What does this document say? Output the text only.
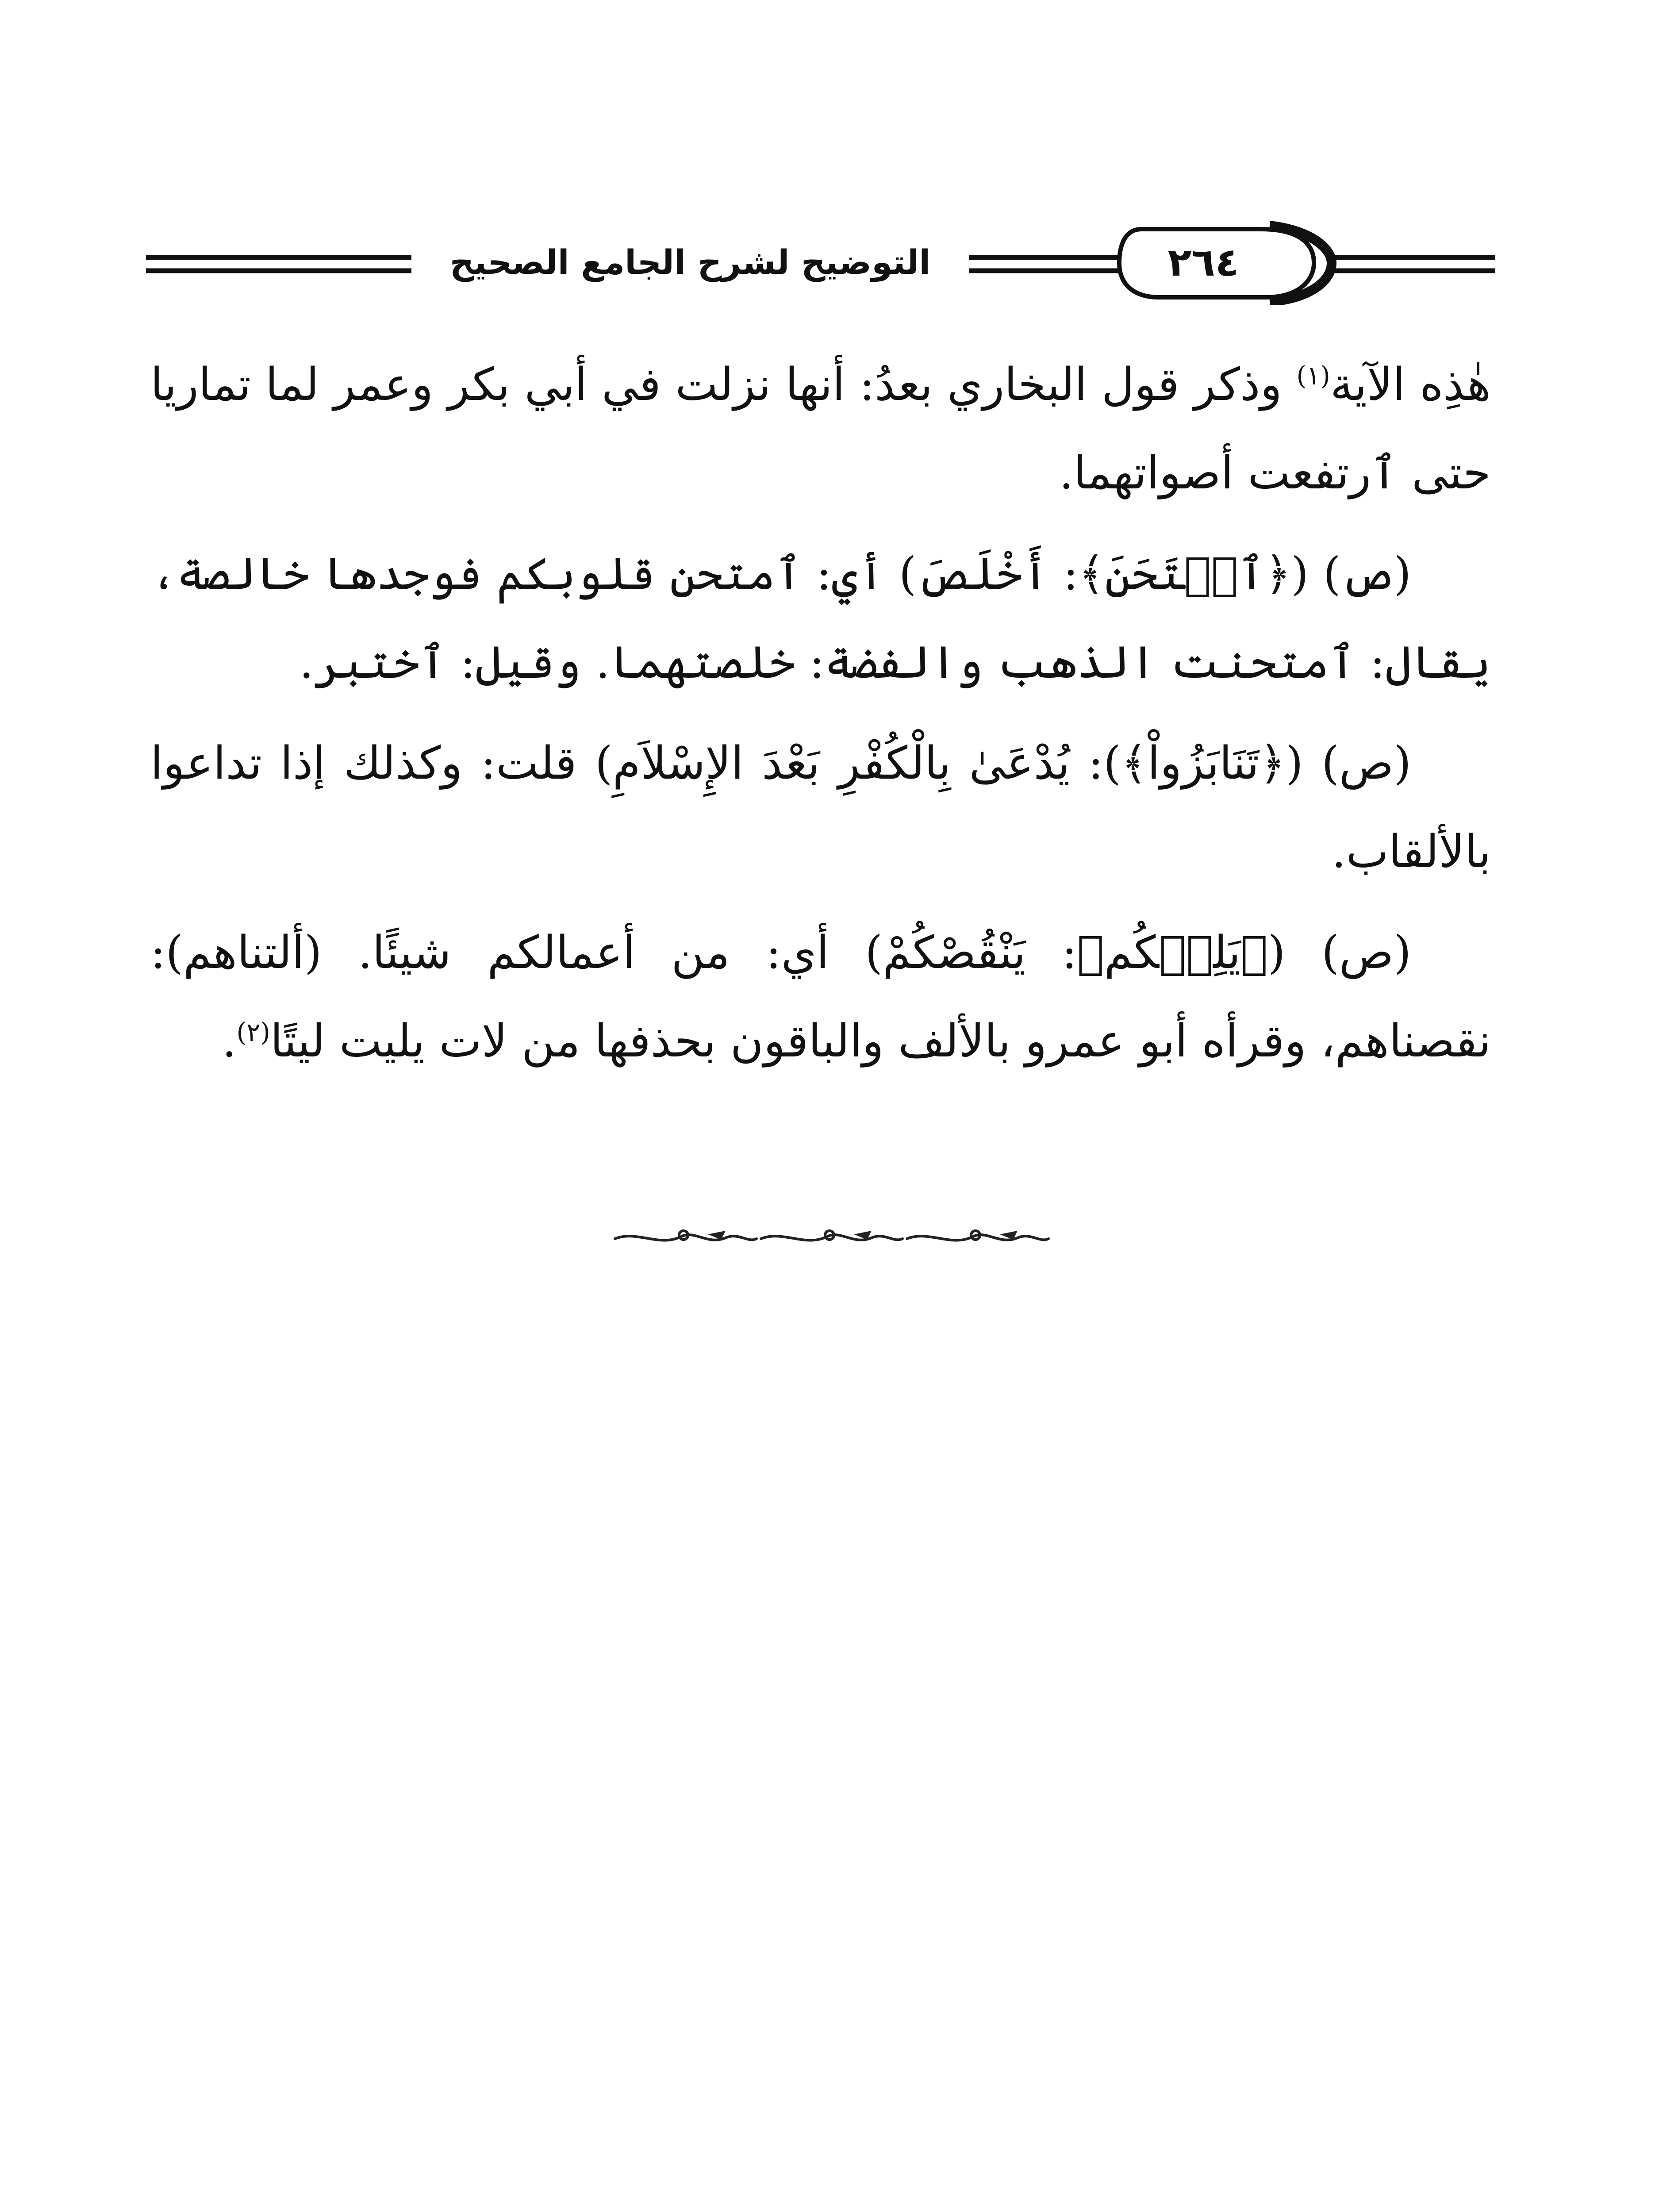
التوضيح لشرح الجامع الصحيح	٢٦٤

هٰذِه الآية$^{(١)}$ وذكر قول البخاري بعدُ: أنها نزلت في أبي بكر وعمر لما تماريا حتى ٱرتفعت أصواتهما.

(ص) (﴿ٱمۡتَحَنَ﴾: أَخْلَصَ) أي: ٱمتحن قلوبكم فوجدها خالصة، يقال: ٱمتحنت الذهب والفضة: خلصتهما. وقيل: ٱختبر.

(ص) (﴿تَنَابَزُواْ﴾): يُدْعَىٰ بِالْكُفْرِ بَعْدَ الإِسْلاَمِ) قلت: وكذلك إذا تداعوا بالألقاب.

(ص) (﴿يَلِتۡكُم﴾: يَنْقُصْكُمْ) أي: من أعمالكم شيئًا. (ألتناهم): نقصناهم، وقرأه أبو عمرو بالألف والباقون بحذفها من لات يليت ليتًا$^{(٢)}$.
